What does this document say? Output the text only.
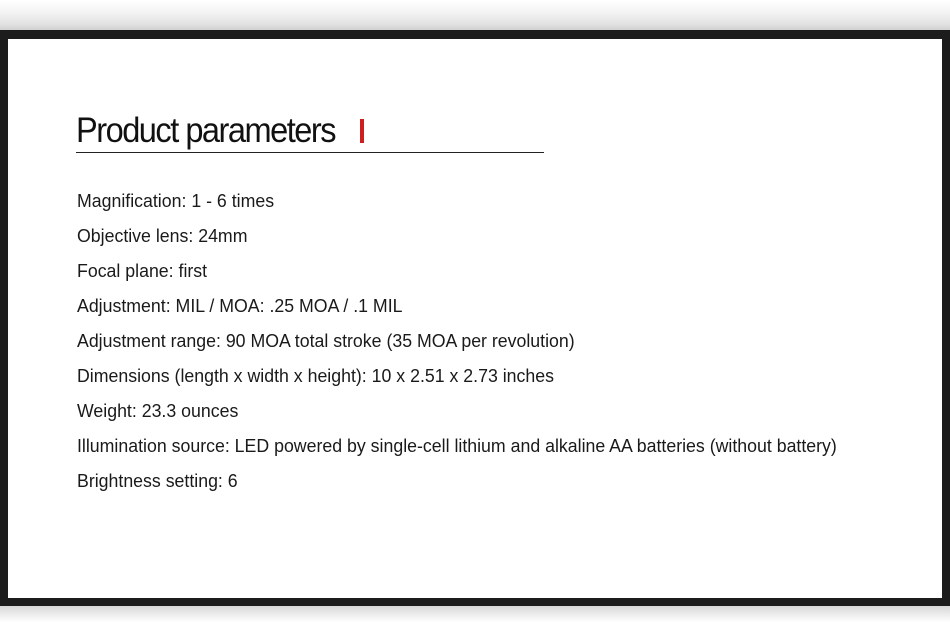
Product parameters
Magnification: 1 - 6 times
Objective lens: 24mm
Focal plane: first
Adjustment: MIL / MOA: .25 MOA / .1 MIL
Adjustment range: 90 MOA total stroke (35 MOA per revolution)
Dimensions (length x width x height): 10 x 2.51 x 2.73 inches
Weight: 23.3 ounces
Illumination source: LED powered by single-cell lithium and alkaline AA batteries (without battery)
Brightness setting: 6
